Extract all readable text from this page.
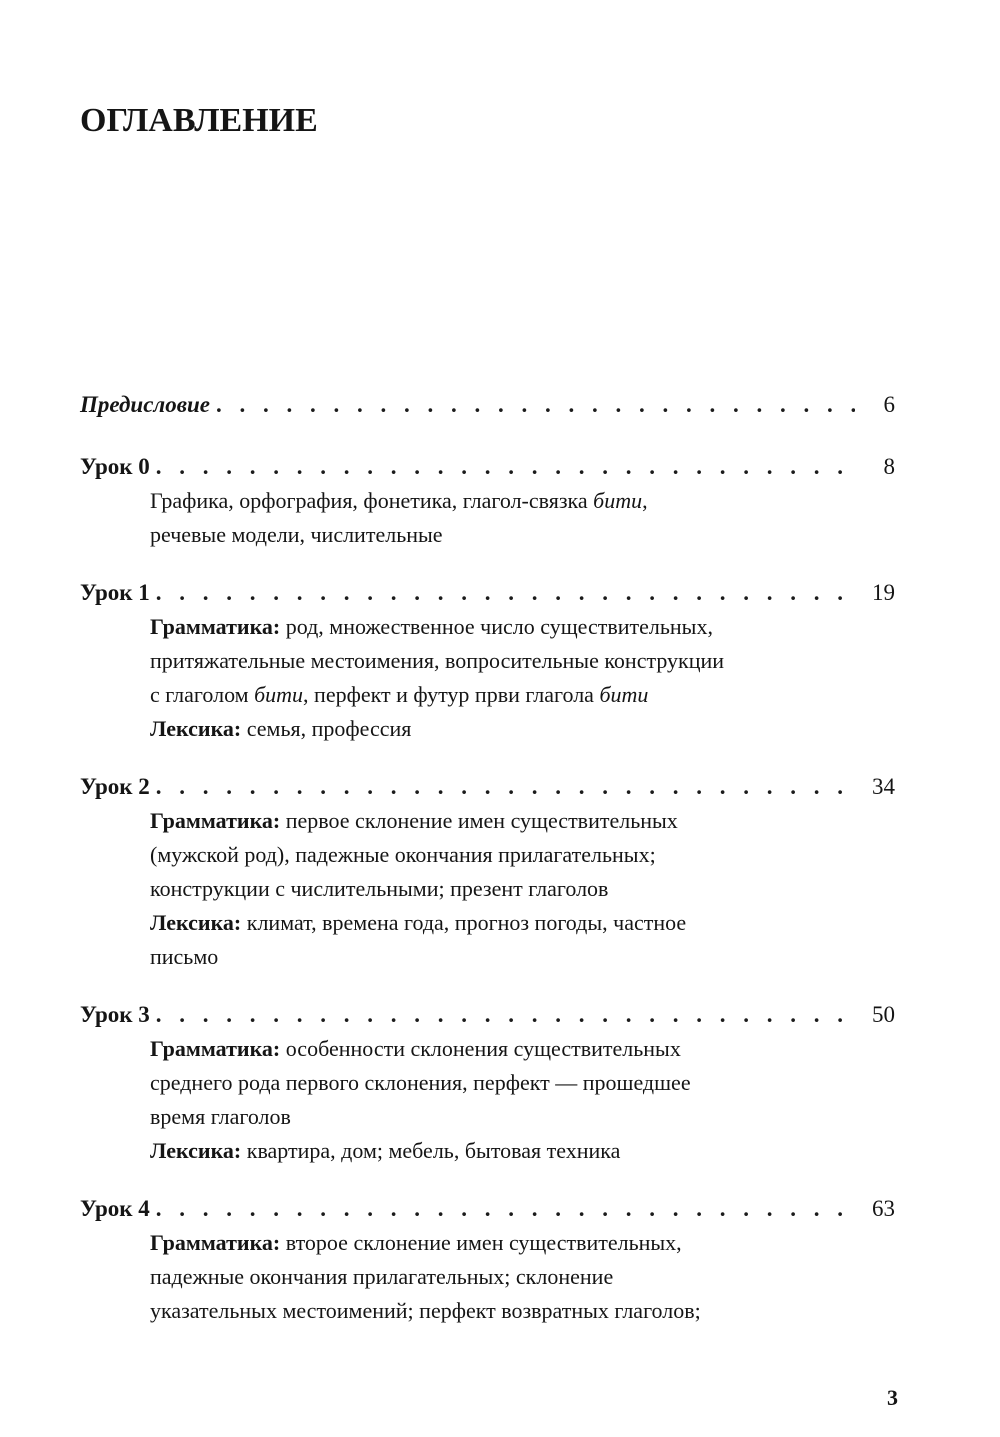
ОГЛАВЛЕНИЕ
Предисловие . . .	6
Урок 0 . . .	8
Графика, орфография, фонетика, глагол-связка бити,
речевые модели, числительные
Урок 1 . . .	19
Грамматика: род, множественное число существительных,
притяжательные местоимения, вопросительные конструкции
с глаголом бити, перфект и футур први глагола бити
Лексика: семья, профессия
Урок 2 . . .	34
Грамматика: первое склонение имен существительных
(мужской род), падежные окончания прилагательных;
конструкции с числительными; презент глаголов
Лексика: климат, времена года, прогноз погоды, частное
письмо
Урок 3 . . .	50
Грамматика: особенности склонения существительных
среднего рода первого склонения, перфект — прошедшее
время глаголов
Лексика: квартира, дом; мебель, бытовая техника
Урок 4 . . .	63
Грамматика: второе склонение имен существительных,
падежные окончания прилагательных; склонение
указательных местоимений; перфект возвратных глаголов;
3
